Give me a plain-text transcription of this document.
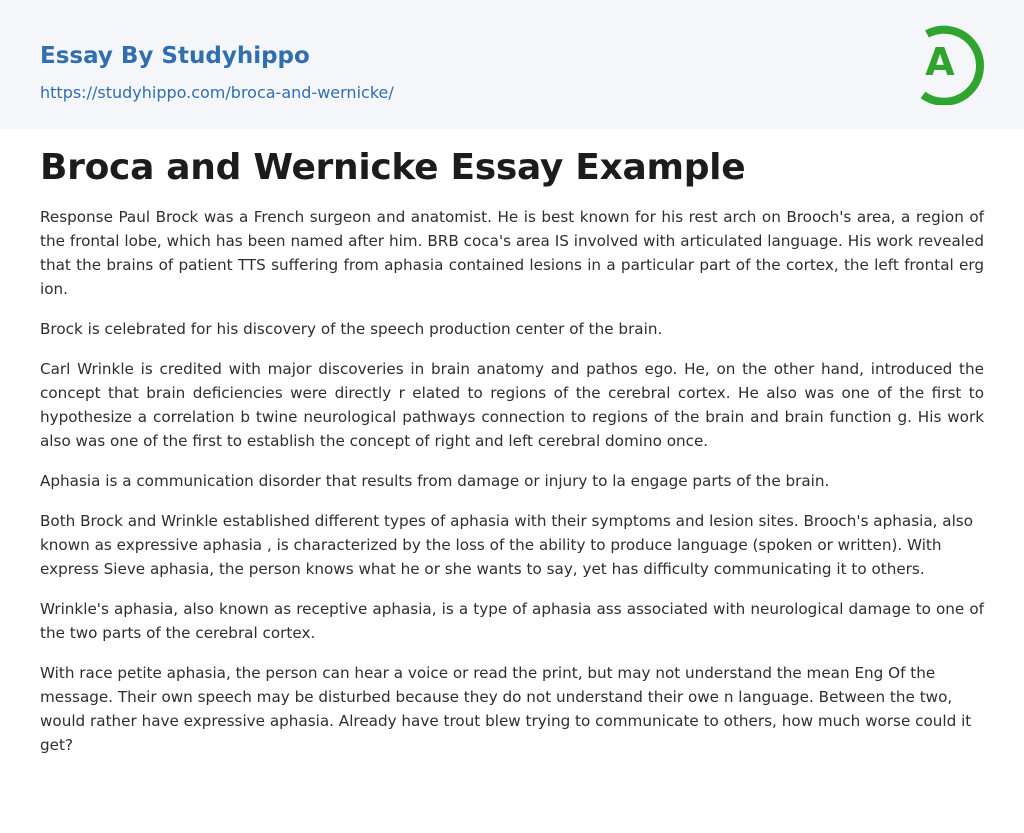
Essay By Studyhippo
https://studyhippo.com/broca-and-wernicke/
A
Broca and Wernicke Essay Example

Response Paul Brock was a French surgeon and anatomist. He is best known for his rest arch on Brooch's area, a region of the frontal lobe, which has been named after him. BRB coca's area IS involved with articulated language. His work revealed that the brains of patient TTS suffering from aphasia contained lesions in a particular part of the cortex, the left frontal erg ion.

Brock is celebrated for his discovery of the speech production center of the brain.

Carl Wrinkle is credited with major discoveries in brain anatomy and pathos ego. He, on the other hand, introduced the concept that brain deficiencies were directly r elated to regions of the cerebral cortex. He also was one of the first to hypothesize a correlation b twine neurological pathways connection to regions of the brain and brain function g. His work also was one of the first to establish the concept of right and left cerebral domino once.

Aphasia is a communication disorder that results from damage or injury to la engage parts of the brain.

Both Brock and Wrinkle established different types of aphasia with their symptoms and lesion sites. Brooch's aphasia, also known as expressive aphasia , is characterized by the loss of the ability to produce language (spoken or written). With express Sieve aphasia, the person knows what he or she wants to say, yet has difficulty communicating it to others.

Wrinkle's aphasia, also known as receptive aphasia, is a type of aphasia ass associated with neurological damage to one of the two parts of the cerebral cortex.

With race petite aphasia, the person can hear a voice or read the print, but may not understand the mean Eng Of the message. Their own speech may be disturbed because they do not understand their owe n language. Between the two, would rather have expressive aphasia. Already have trout blew trying to communicate to others, how much worse could it get?
